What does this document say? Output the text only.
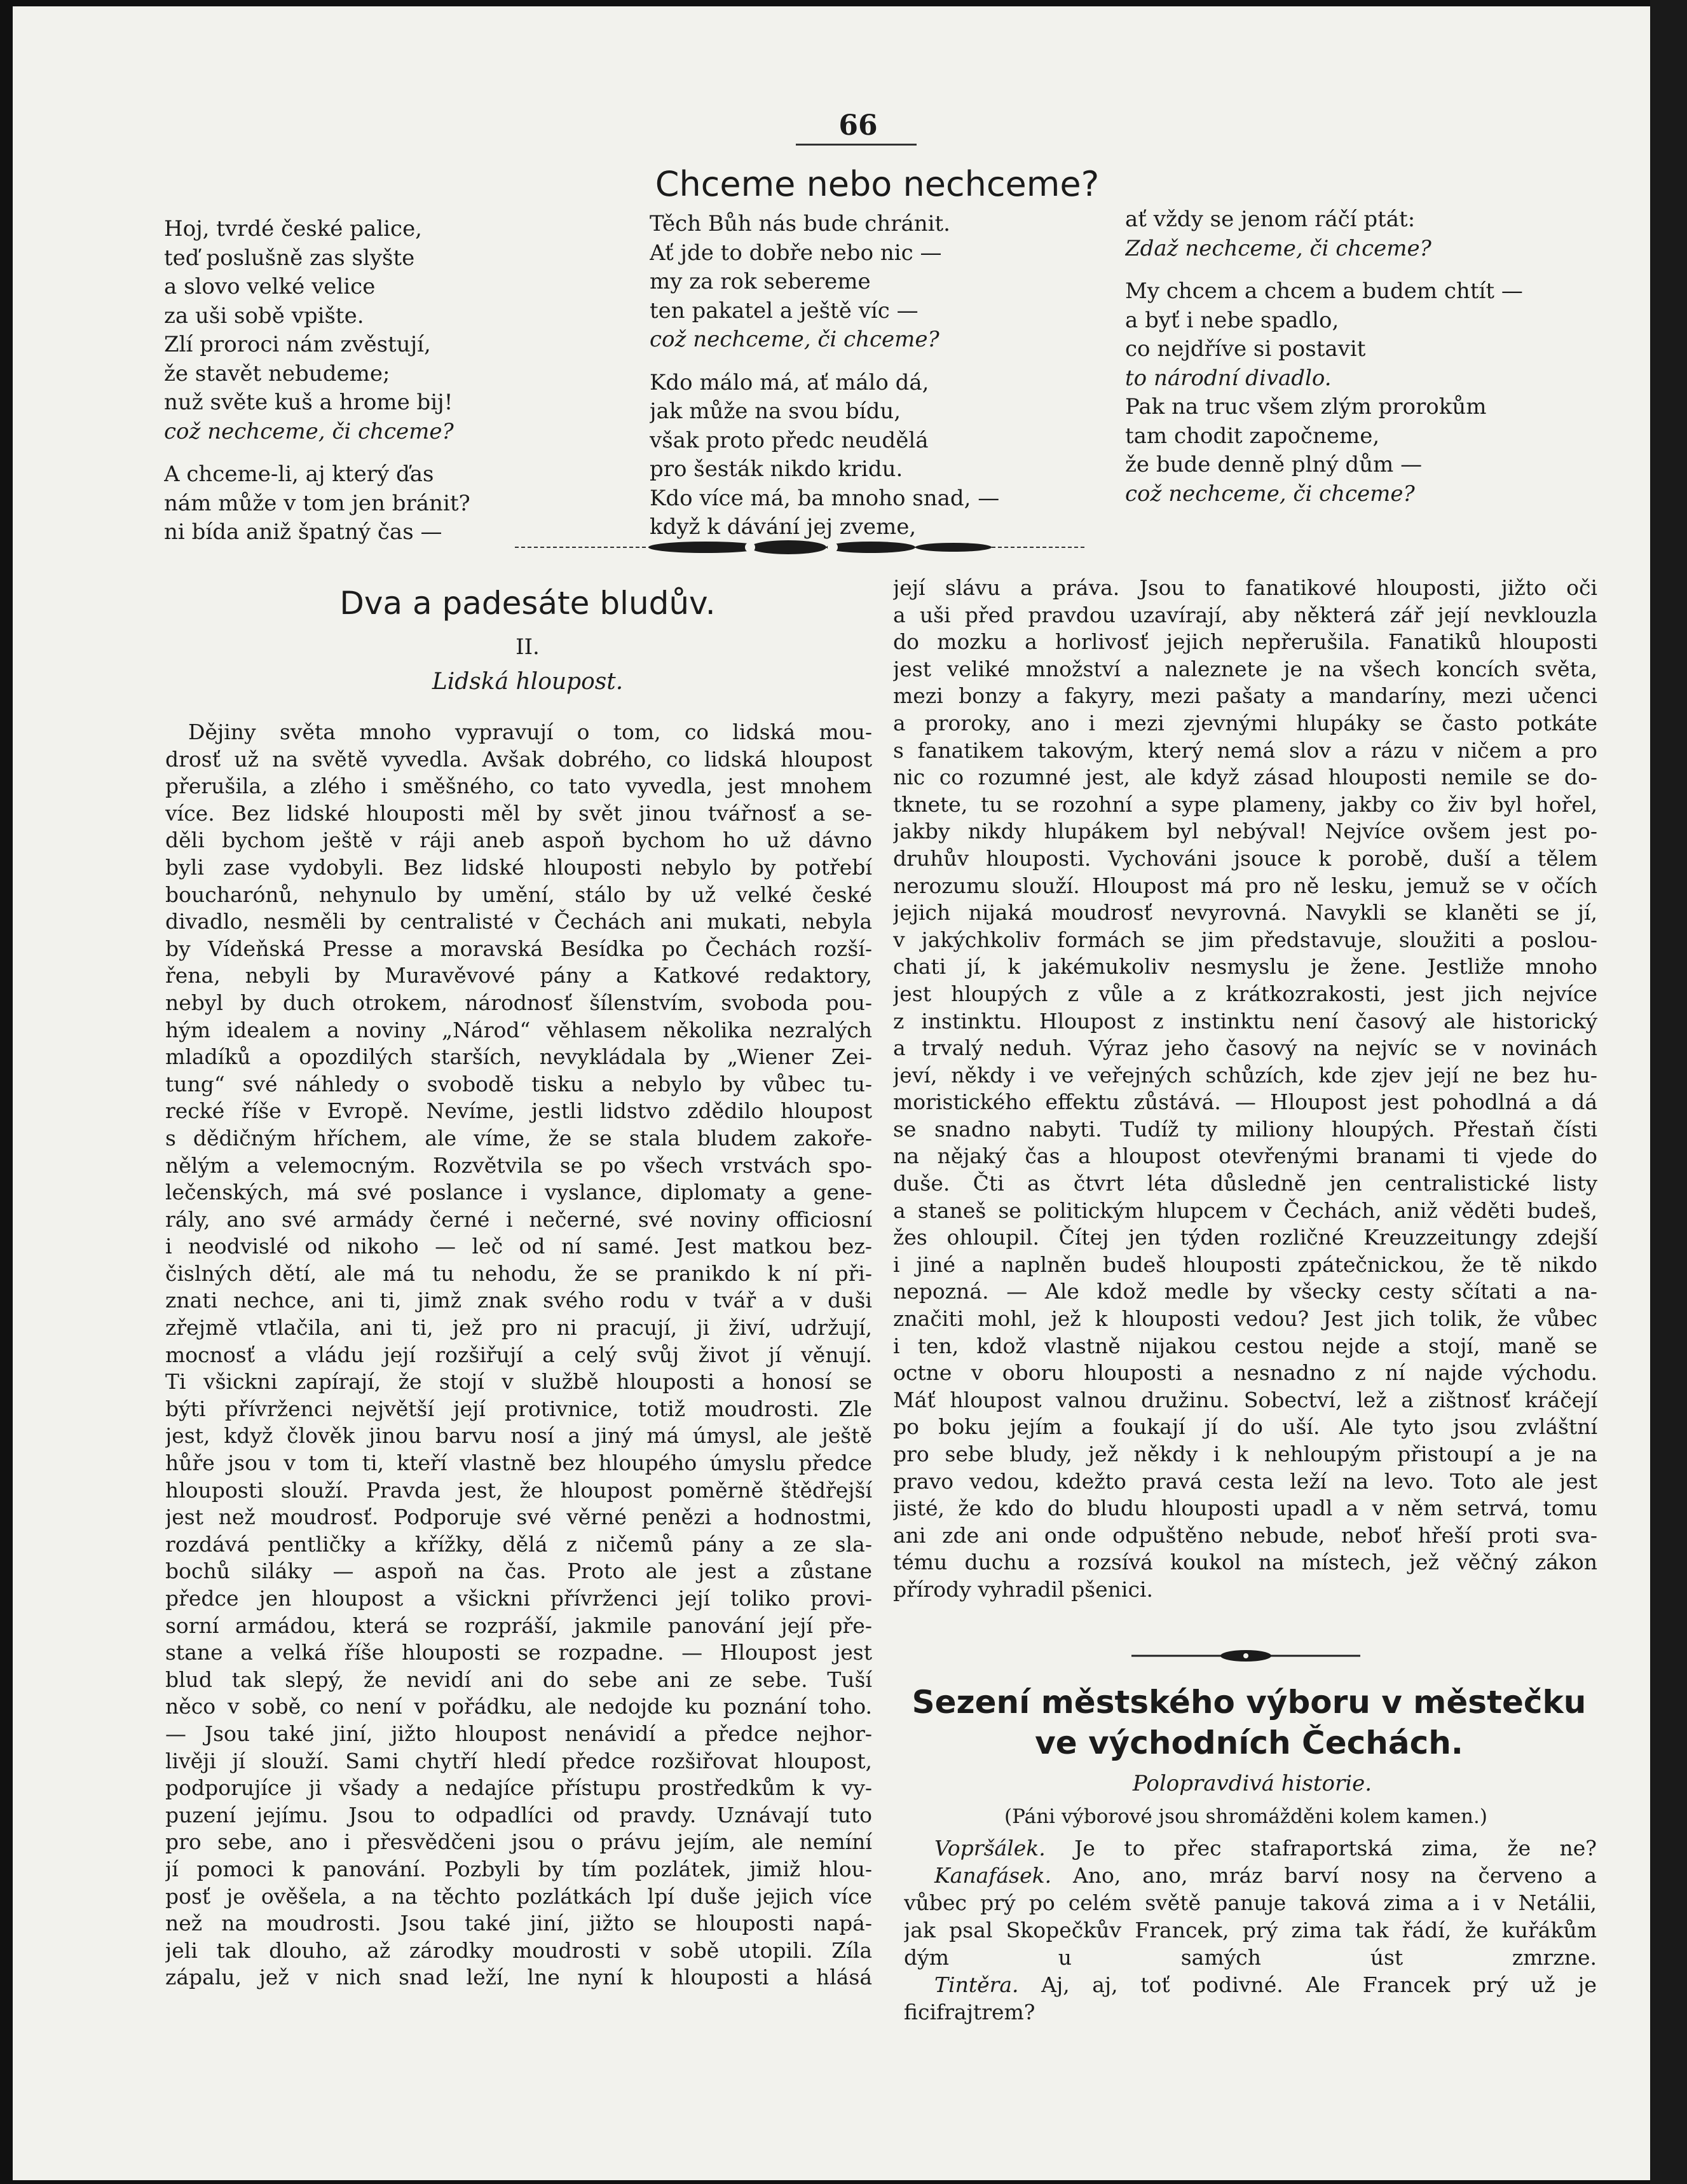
66
Chceme nebo nechceme?
Hoj, tvrdé české palice,
teď poslušně zas slyšte
a slovo velké velice
za uši sobě vpište.
Zlí proroci nám zvěstují,
že stavět nebudeme;
nuž světe kuš a hrome bij!
což nechceme, či chceme?
A chceme-li, aj který ďas
nám může v tom jen bránit?
ni bída aniž špatný čas —
Těch Bůh nás bude chránit.
Ať jde to dobře nebo nic —
my za rok sebereme
ten pakatel a ještě víc —
což nechceme, či chceme?
Kdo málo má, ať málo dá,
jak může na svou bídu,
však proto předc neudělá
pro šesták nikdo kridu.
Kdo více má, ba mnoho snad, —
když k dávání jej zveme,
ať vždy se jenom ráčí ptát:
Zdaž nechceme, či chceme?
My chcem a chcem a budem chtít —
a byť i nebe spadlo,
co nejdříve si postavit
to národní divadlo.
Pak na truc všem zlým prorokům
tam chodit započneme,
že bude denně plný dům —
což nechceme, či chceme?
Dva a padesáte bludův.
II.
Lidská hloupost.
Dějiny světa mnoho vypravují o tom, co lidská mou-
drosť už na světě vyvedla. Avšak dobrého, co lidská hloupost
přerušila, a zlého i směšného, co tato vyvedla, jest mnohem
více. Bez lidské hlouposti měl by svět jinou tvářnosť a se-
děli bychom ještě v ráji aneb aspoň bychom ho už dávno
byli zase vydobyli. Bez lidské hlouposti nebylo by potřebí
boucharónů, nehynulo by umění, stálo by už velké české
divadlo, nesměli by centralisté v Čechách ani mukati, nebyla
by Vídeňská Presse a moravská Besídka po Čechách rozší-
řena, nebyli by Muravěvové pány a Katkové redaktory,
nebyl by duch otrokem, národnosť šílenstvím, svoboda pou-
hým idealem a noviny „Národ“ věhlasem několika nezralých
mladíků a opozdilých starších, nevykládala by „Wiener Zei-
tung“ své náhledy o svobodě tisku a nebylo by vůbec tu-
recké říše v Evropě. Nevíme, jestli lidstvo zdědilo hloupost
s dědičným hříchem, ale víme, že se stala bludem zakoře-
nělým a velemocným. Rozvětvila se po všech vrstvách spo-
lečenských, má své poslance i vyslance, diplomaty a gene-
rály, ano své armády černé i nečerné, své noviny officiosní
i neodvislé od nikoho — leč od ní samé. Jest matkou bez-
čislných dětí, ale má tu nehodu, že se pranikdo k ní při-
znati nechce, ani ti, jimž znak svého rodu v tvář a v duši
zřejmě vtlačila, ani ti, jež pro ni pracují, ji živí, udržují,
mocnosť a vládu její rozšiřují a celý svůj život jí věnují.
Ti všickni zapírají, že stojí v službě hlouposti a honosí se
býti přívrženci největší její protivnice, totiž moudrosti. Zle
jest, když člověk jinou barvu nosí a jiný má úmysl, ale ještě
hůře jsou v tom ti, kteří vlastně bez hloupého úmyslu předce
hlouposti slouží. Pravda jest, že hloupost poměrně štědřejší
jest než moudrosť. Podporuje své věrné penězi a hodnostmi,
rozdává pentličky a křížky, dělá z ničemů pány a ze sla-
bochů siláky — aspoň na čas. Proto ale jest a zůstane
předce jen hloupost a všickni přívrženci její toliko provi-
sorní armádou, která se rozpráší, jakmile panování její pře-
stane a velká říše hlouposti se rozpadne. — Hloupost jest
blud tak slepý, že nevidí ani do sebe ani ze sebe. Tuší
něco v sobě, co není v pořádku, ale nedojde ku poznání toho.
— Jsou také jiní, jižto hloupost nenávidí a předce nejhor-
livěji jí slouží. Sami chytří hledí předce rozšiřovat hloupost,
podporujíce ji všady a nedajíce přístupu prostředkům k vy-
puzení jejímu. Jsou to odpadlíci od pravdy. Uznávají tuto
pro sebe, ano i přesvědčeni jsou o právu jejím, ale nemíní
jí pomoci k panování. Pozbyli by tím pozlátek, jimiž hlou-
posť je ověšela, a na těchto pozlátkách lpí duše jejich více
než na moudrosti. Jsou také jiní, jižto se hlouposti napá-
jeli tak dlouho, až zárodky moudrosti v sobě utopili. Zíla
zápalu, jež v nich snad leží, lne nyní k hlouposti a hlásá
její slávu a práva. Jsou to fanatikové hlouposti, jižto oči
a uši před pravdou uzavírají, aby některá zář její nevklouzla
do mozku a horlivosť jejich nepřerušila. Fanatiků hlouposti
jest veliké množství a naleznete je na všech koncích světa,
mezi bonzy a fakyry, mezi pašaty a mandaríny, mezi učenci
a proroky, ano i mezi zjevnými hlupáky se často potkáte
s fanatikem takovým, který nemá slov a rázu v ničem a pro
nic co rozumné jest, ale když zásad hlouposti nemile se do-
tknete, tu se rozohní a sype plameny, jakby co živ byl hořel,
jakby nikdy hlupákem byl nebýval! Nejvíce ovšem jest po-
druhův hlouposti. Vychováni jsouce k porobě, duší a tělem
nerozumu slouží. Hloupost má pro ně lesku, jemuž se v očích
jejich nijaká moudrosť nevyrovná. Navykli se klaněti se jí,
v jakýchkoliv formách se jim představuje, sloužiti a poslou-
chati jí, k jakémukoliv nesmyslu je žene. Jestliže mnoho
jest hloupých z vůle a z krátkozrakosti, jest jich nejvíce
z instinktu. Hloupost z instinktu není časový ale historický
a trvalý neduh. Výraz jeho časový na nejvíc se v novinách
jeví, někdy i ve veřejných schůzích, kde zjev její ne bez hu-
moristického effektu zůstává. — Hloupost jest pohodlná a dá
se snadno nabyti. Tudíž ty miliony hloupých. Přestaň čísti
na nějaký čas a hloupost otevřenými branami ti vjede do
duše. Čti as čtvrt léta důsledně jen centralistické listy
a staneš se politickým hlupcem v Čechách, aniž věděti budeš,
žes ohloupil. Čítej jen týden rozličné Kreuzzeitungy zdejší
i jiné a naplněn budeš hlouposti zpátečnickou, že tě nikdo
nepozná. — Ale kdož medle by všecky cesty sčítati a na-
značiti mohl, jež k hlouposti vedou? Jest jich tolik, že vůbec
i ten, kdož vlastně nijakou cestou nejde a stojí, maně se
octne v oboru hlouposti a nesnadno z ní najde východu.
Máť hloupost valnou družinu. Sobectví, lež a zištnosť kráčejí
po boku jejím a foukají jí do uší. Ale tyto jsou zvláštní
pro sebe bludy, jež někdy i k nehloupým přistoupí a je na
pravo vedou, kdežto pravá cesta leží na levo. Toto ale jest
jisté, že kdo do bludu hlouposti upadl a v něm setrvá, tomu
ani zde ani onde odpuštěno nebude, neboť hřeší proti sva-
tému duchu a rozsívá koukol na místech, jež věčný zákon
přírody vyhradil pšenici.
Sezení městského výboru v městečku
ve východních Čechách.
Polopravdivá historie.
(Páni výborové jsou shromážděni kolem kamen.)
Vopršálek. Je to přec stafraportská zima, že ne?
Kanafásek. Ano, ano, mráz barví nosy na červeno a
vůbec prý po celém světě panuje taková zima a i v Netálii,
jak psal Skopečkův Francek, prý zima tak řádí, že kuřákům
dým u samých úst zmrzne.
Tintěra. Aj, aj, toť podivné. Ale Francek prý už je
ficifrajtrem?
